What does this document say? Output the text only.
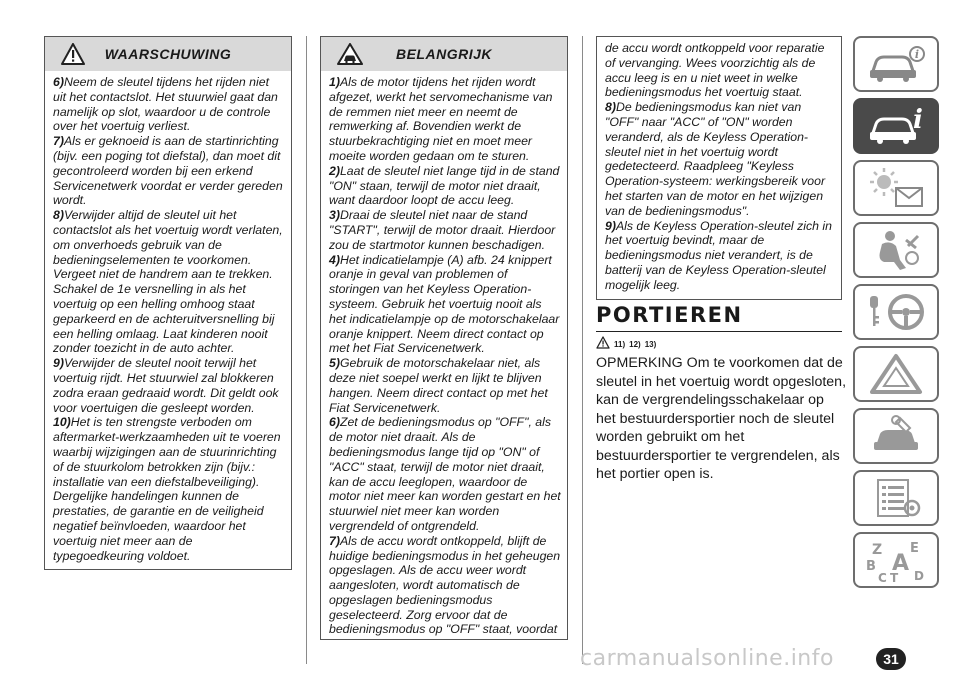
WAARSCHUWING

6)Neem de sleutel tijdens het rijden niet uit het contactslot. Het stuurwiel gaat dan namelijk op slot, waardoor u de controle over het voertuig verliest.

7)Als er geknoeid is aan de startinrichting (bijv. een poging tot diefstal), dan moet dit gecontroleerd worden bij een erkend Servicenetwerk voordat er verder gereden wordt.

8)Verwijder altijd de sleutel uit het contactslot als het voertuig wordt verlaten, om onverhoeds gebruik van de bedieningselementen te voorkomen. Vergeet niet de handrem aan te trekken. Schakel de 1e versnelling in als het voertuig op een helling omhoog staat geparkeerd en de achteruitversnelling bij een helling omlaag. Laat kinderen nooit zonder toezicht in de auto achter.

9)Verwijder de sleutel nooit terwijl het voertuig rijdt. Het stuurwiel zal blokkeren zodra eraan gedraaid wordt. Dit geldt ook voor voertuigen die gesleept worden.

10)Het is ten strengste verboden om aftermarket-werkzaamheden uit te voeren waarbij wijzigingen aan de stuurinrichting of de stuurkolom betrokken zijn (bijv.: installatie van een diefstalbeveiliging). Dergelijke handelingen kunnen de prestaties, de garantie en de veiligheid negatief beïnvloeden, waardoor het voertuig niet meer aan de typegoedkeuring voldoet.

BELANGRIJK

1)Als de motor tijdens het rijden wordt afgezet, werkt het servomechanisme van de remmen niet meer en neemt de remwerking af. Bovendien werkt de stuurbekrachtiging niet en moet meer moeite worden gedaan om te sturen.

2)Laat de sleutel niet lange tijd in de stand "ON" staan, terwijl de motor niet draait, want daardoor loopt de accu leeg.

3)Draai de sleutel niet naar de stand "START", terwijl de motor draait. Hierdoor zou de startmotor kunnen beschadigen.

4)Het indicatielampje (A) afb. 24 knippert oranje in geval van problemen of storingen van het Keyless Operation-systeem. Gebruik het voertuig nooit als het indicatielampje op de motorschakelaar oranje knippert. Neem direct contact op met het Fiat Servicenetwerk.

5)Gebruik de motorschakelaar niet, als deze niet soepel werkt en lijkt te blijven hangen. Neem direct contact op met het Fiat Servicenetwerk.

6)Zet de bedieningsmodus op "OFF", als de motor niet draait. Als de bedieningsmodus lange tijd op "ON" of "ACC" staat, terwijl de motor niet draait, kan de accu leeglopen, waardoor de motor niet meer kan worden gestart en het stuurwiel niet meer kan worden vergrendeld of ontgrendeld.

7)Als de accu wordt ontkoppeld, blijft de huidige bedieningsmodus in het geheugen opgeslagen. Als de accu weer wordt aangesloten, wordt automatisch de opgeslagen bedieningsmodus geselecteerd. Zorg ervoor dat de bedieningsmodus op "OFF" staat, voordat

de accu wordt ontkoppeld voor reparatie of vervanging. Wees voorzichtig als de accu leeg is en u niet weet in welke bedieningsmodus het voertuig staat.

8)De bedieningsmodus kan niet van "OFF" naar "ACC" of "ON" worden veranderd, als de Keyless Operation-sleutel niet in het voertuig wordt gedetecteerd. Raadpleeg "Keyless Operation-systeem: werkingsbereik voor het starten van de motor en het wijzigen van de bedieningsmodus".

9)Als de Keyless Operation-sleutel zich in het voertuig bevindt, maar de bedieningsmodus niet verandert, is de batterij van de Keyless Operation-sleutel mogelijk leeg.

PORTIEREN
11) 12) 13)

OPMERKING Om te voorkomen dat de sleutel in het voertuig wordt opgesloten, kan de vergrendelingsschakelaar op het bestuurdersportier noch de sleutel worden gebruikt om het bestuurdersportier te vergrendelen, als het portier open is.

i
i
Z E
B A
C D
T
carmanualsonline.info	31
